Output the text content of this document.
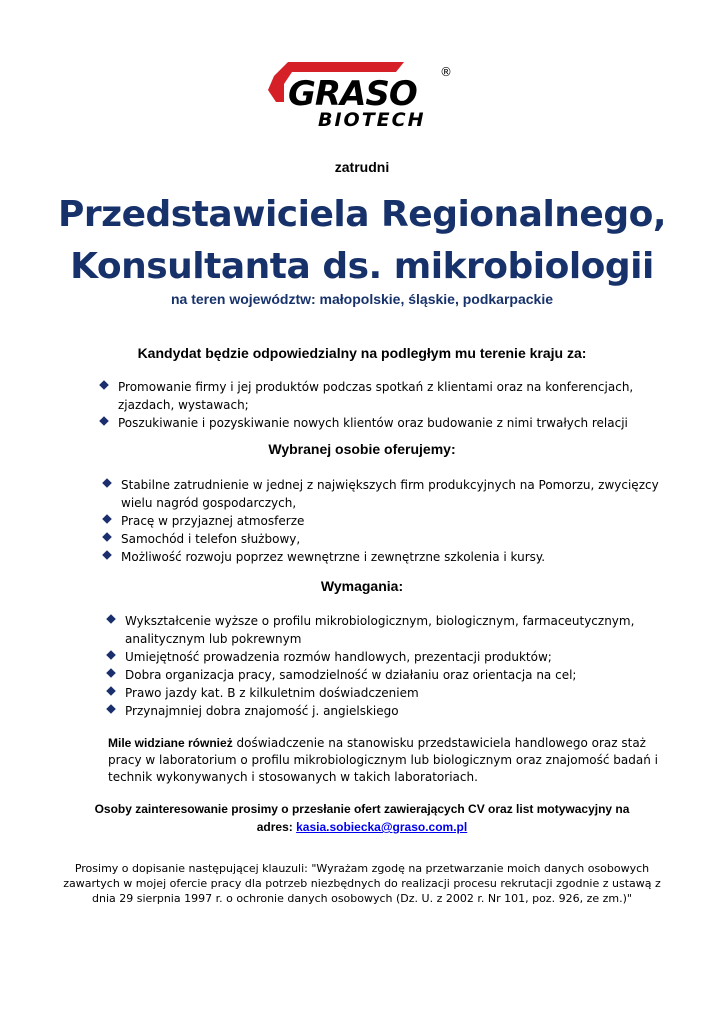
GRASO
BIOTECH
®
zatrudni
Przedstawiciela Regionalnego,
Konsultanta ds. mikrobiologii
na teren województw: małopolskie, śląskie, podkarpackie
Kandydat będzie odpowiedzialny na podległym mu terenie kraju za:
Promowanie firmy i jej produktów podczas spotkań z klientami oraz na konferencjach,
zjazdach, wystawach;
Poszukiwanie i pozyskiwanie nowych klientów oraz budowanie z nimi trwałych relacji
Wybranej osobie oferujemy:
Stabilne zatrudnienie w jednej z największych firm produkcyjnych na Pomorzu, zwycięzcy
wielu nagród gospodarczych,
Pracę w przyjaznej atmosferze
Samochód i telefon służbowy,
Możliwość rozwoju poprzez wewnętrzne i zewnętrzne szkolenia i kursy.
Wymagania:
Wykształcenie wyższe o profilu mikrobiologicznym, biologicznym, farmaceutycznym,
analitycznym lub pokrewnym
Umiejętność prowadzenia rozmów handlowych, prezentacji produktów;
Dobra organizacja pracy, samodzielność w działaniu oraz orientacja na cel;
Prawo jazdy kat. B z kilkuletnim doświadczeniem
Przynajmniej dobra znajomość j. angielskiego
Mile widziane również doświadczenie na stanowisku przedstawiciela handlowego oraz staż
pracy w laboratorium o profilu mikrobiologicznym lub biologicznym oraz znajomość badań i
technik wykonywanych i stosowanych w takich laboratoriach.
Osoby zainteresowanie prosimy o przesłanie ofert zawierających CV oraz list motywacyjny na
adres: kasia.sobiecka@graso.com.pl
Prosimy o dopisanie następującej klauzuli: "Wyrażam zgodę na przetwarzanie moich danych osobowych
zawartych w mojej ofercie pracy dla potrzeb niezbędnych do realizacji procesu rekrutacji zgodnie z ustawą z
dnia 29 sierpnia 1997 r. o ochronie danych osobowych (Dz. U. z 2002 r. Nr 101, poz. 926, ze zm.)"
